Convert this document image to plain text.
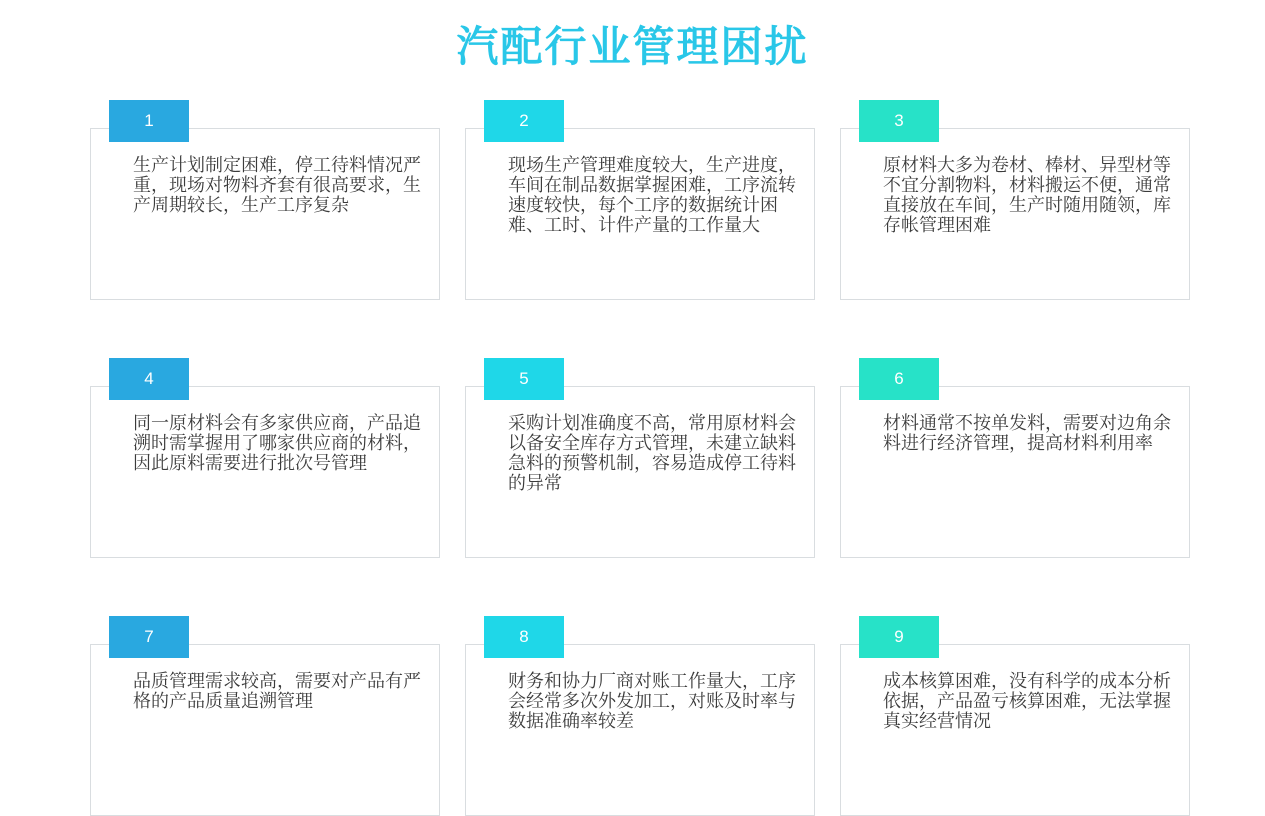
汽配行业管理困扰
1
生产计划制定困难，停工待料情况严重，现场对物料齐套有很高要求，生产周期较长，生产工序复杂
2
现场生产管理难度较大，生产进度，车间在制品数据掌握困难，工序流转速度较快，每个工序的数据统计困难、工时、计件产量的工作量大
3
原材料大多为卷材、棒材、异型材等不宜分割物料，材料搬运不便，通常直接放在车间，生产时随用随领，库存帐管理困难
4
同一原材料会有多家供应商，产品追溯时需掌握用了哪家供应商的材料，因此原料需要进行批次号管理
5
采购计划准确度不高，常用原材料会以备安全库存方式管理，未建立缺料急料的预警机制，容易造成停工待料的异常
6
材料通常不按单发料，需要对边角余料进行经济管理，提高材料利用率
7
品质管理需求较高，需要对产品有严格的产品质量追溯管理
8
财务和协力厂商对账工作量大，工序会经常多次外发加工，对账及时率与数据准确率较差
9
成本核算困难，没有科学的成本分析依据，产品盈亏核算困难，无法掌握真实经营情况
